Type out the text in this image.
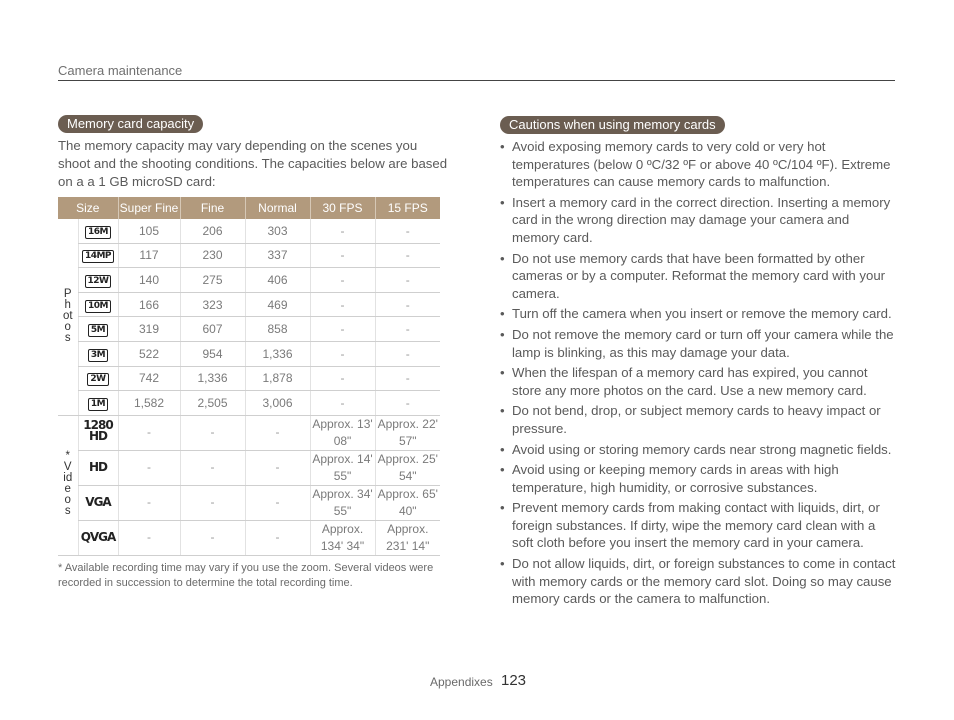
Camera maintenance
Memory card capacity
The memory capacity may vary depending on the scenes you shoot and the shooting conditions. The capacities below are based on a a 1 GB microSD card:
Size		Super Fine	Fine	Normal	30 FPS	15 FPS
Photos	16M	105	206	303	-	-
	14MP	117	230	337	-	-
	12W	140	275	406	-	-
	10M	166	323	469	-	-
	5M	319	607	858	-	-
	3M	522	954	1,336	-	-
	2W	742	1,336	1,878	-	-
	1M	1,582	2,505	3,006	-	-
*Videos	1280 HD	-	-	-	Approx. 13' 08"	Approx. 22' 57"
	HD	-	-	-	Approx. 14' 55"	Approx. 25' 54"
	VGA	-	-	-	Approx. 34' 55"	Approx. 65' 40"
	QVGA	-	-	-	Approx. 134' 34"	Approx. 231' 14"
* Available recording time may vary if you use the zoom. Several videos were recorded in succession to determine the total recording time.
Cautions when using memory cards
• Avoid exposing memory cards to very cold or very hot temperatures (below 0 ºC/32 ºF or above 40 ºC/104 ºF). Extreme temperatures can cause memory cards to malfunction.
• Insert a memory card in the correct direction. Inserting a memory card in the wrong direction may damage your camera and memory card.
• Do not use memory cards that have been formatted by other cameras or by a computer. Reformat the memory card with your camera.
• Turn off the camera when you insert or remove the memory card.
• Do not remove the memory card or turn off your camera while the lamp is blinking, as this may damage your data.
• When the lifespan of a memory card has expired, you cannot store any more photos on the card. Use a new memory card.
• Do not bend, drop, or subject memory cards to heavy impact or pressure.
• Avoid using or storing memory cards near strong magnetic fields.
• Avoid using or keeping memory cards in areas with high temperature, high humidity, or corrosive substances.
• Prevent memory cards from making contact with liquids, dirt, or foreign substances. If dirty, wipe the memory card clean with a soft cloth before you insert the memory card in your camera.
• Do not allow liquids, dirt, or foreign substances to come in contact with memory cards or the memory card slot. Doing so may cause memory cards or the camera to malfunction.
Appendixes 123
